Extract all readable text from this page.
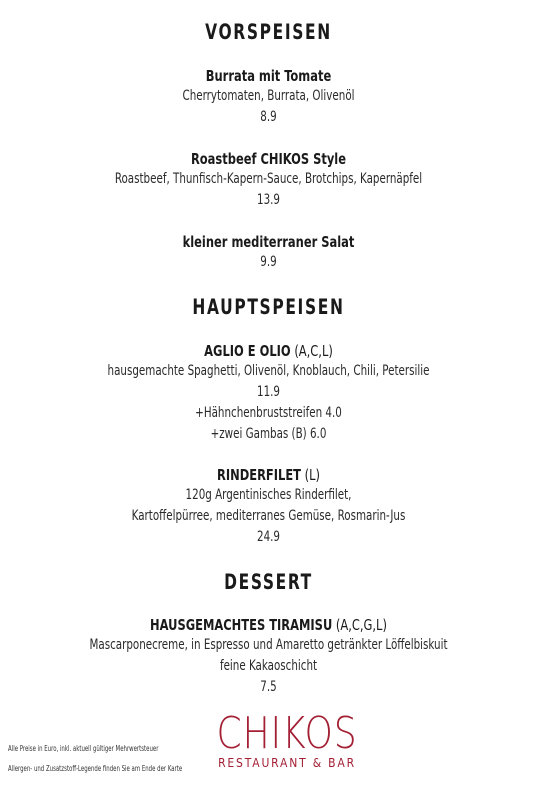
VORSPEISEN
Burrata mit Tomate
Cherrytomaten, Burrata, Olivenöl
8.9
Roastbeef CHIKOS Style
Roastbeef, Thunfisch-Kapern-Sauce, Brotchips, Kapernäpfel
13.9
kleiner mediterraner Salat
9.9
HAUPTSPEISEN
AGLIO E OLIO (A,C,L)
hausgemachte Spaghetti, Olivenöl, Knoblauch, Chili, Petersilie
11.9
+Hähnchenbruststreifen 4.0
+zwei Gambas (B) 6.0
RINDERFILET (L)
120g Argentinisches Rinderfilet,
Kartoffelpürree, mediterranes Gemüse, Rosmarin-Jus
24.9
DESSERT
HAUSGEMACHTES TIRAMISU (A,C,G,L)
Mascarponecreme, in Espresso und Amaretto getränkter Löffelbiskuit
feine Kakaoschicht
7.5
Alle Preise in Euro, inkl. aktuell gültiger Mehrwertsteuer
Allergen- und Zusatzstoff-Legende finden Sie am Ende der Karte
CHIKOS
RESTAURANT & BAR
